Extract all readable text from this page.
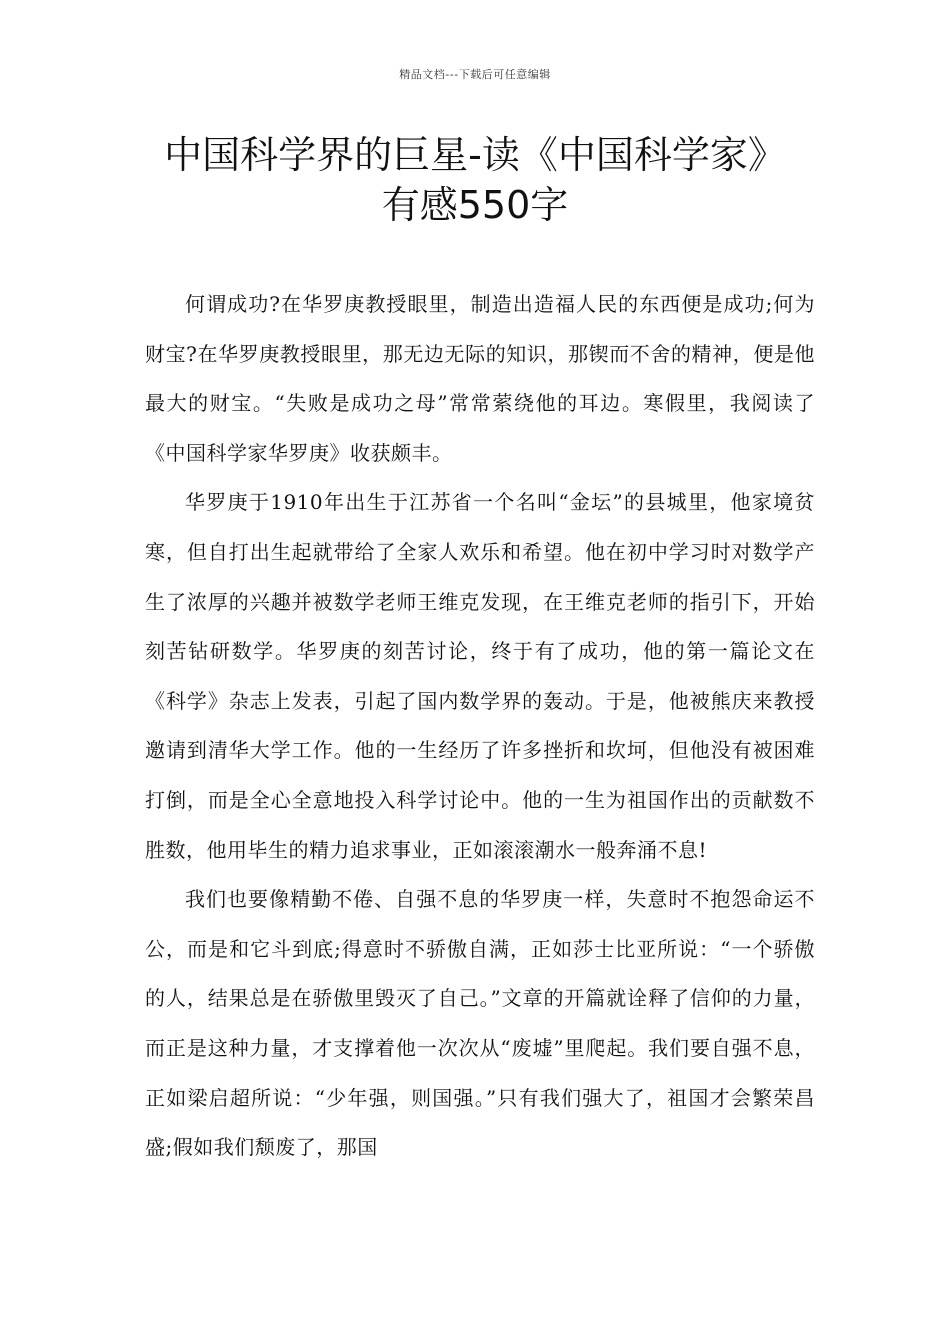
精品文档---下载后可任意编辑
中国科学界的巨星-读《中国科学家》
有感550字

何谓成功?在华罗庚教授眼里，制造出造福人民的东西便是成功;何为财宝?在华罗庚教授眼里，那无边无际的知识，那锲而不舍的精神，便是他最大的财宝。“失败是成功之母”常常萦绕他的耳边。寒假里，我阅读了《中国科学家华罗庚》收获颇丰。

华罗庚于1910年出生于江苏省一个名叫“金坛”的县城里，他家境贫寒，但自打出生起就带给了全家人欢乐和希望。他在初中学习时对数学产生了浓厚的兴趣并被数学老师王维克发现，在王维克老师的指引下，开始刻苦钻研数学。华罗庚的刻苦讨论，终于有了成功，他的第一篇论文在《科学》杂志上发表，引起了国内数学界的轰动。于是，他被熊庆来教授邀请到清华大学工作。他的一生经历了许多挫折和坎坷，但他没有被困难打倒，而是全心全意地投入科学讨论中。他的一生为祖国作出的贡献数不胜数，他用毕生的精力追求事业，正如滚滚潮水一般奔涌不息!

我们也要像精勤不倦、自强不息的华罗庚一样，失意时不抱怨命运不公，而是和它斗到底;得意时不骄傲自满，正如莎士比亚所说：“一个骄傲的人，结果总是在骄傲里毁灭了自己。”文章的开篇就诠释了信仰的力量，而正是这种力量，才支撑着他一次次从“废墟”里爬起。我们要自强不息，正如梁启超所说：“少年强，则国强。”只有我们强大了，祖国才会繁荣昌盛;假如我们颓废了，那国
